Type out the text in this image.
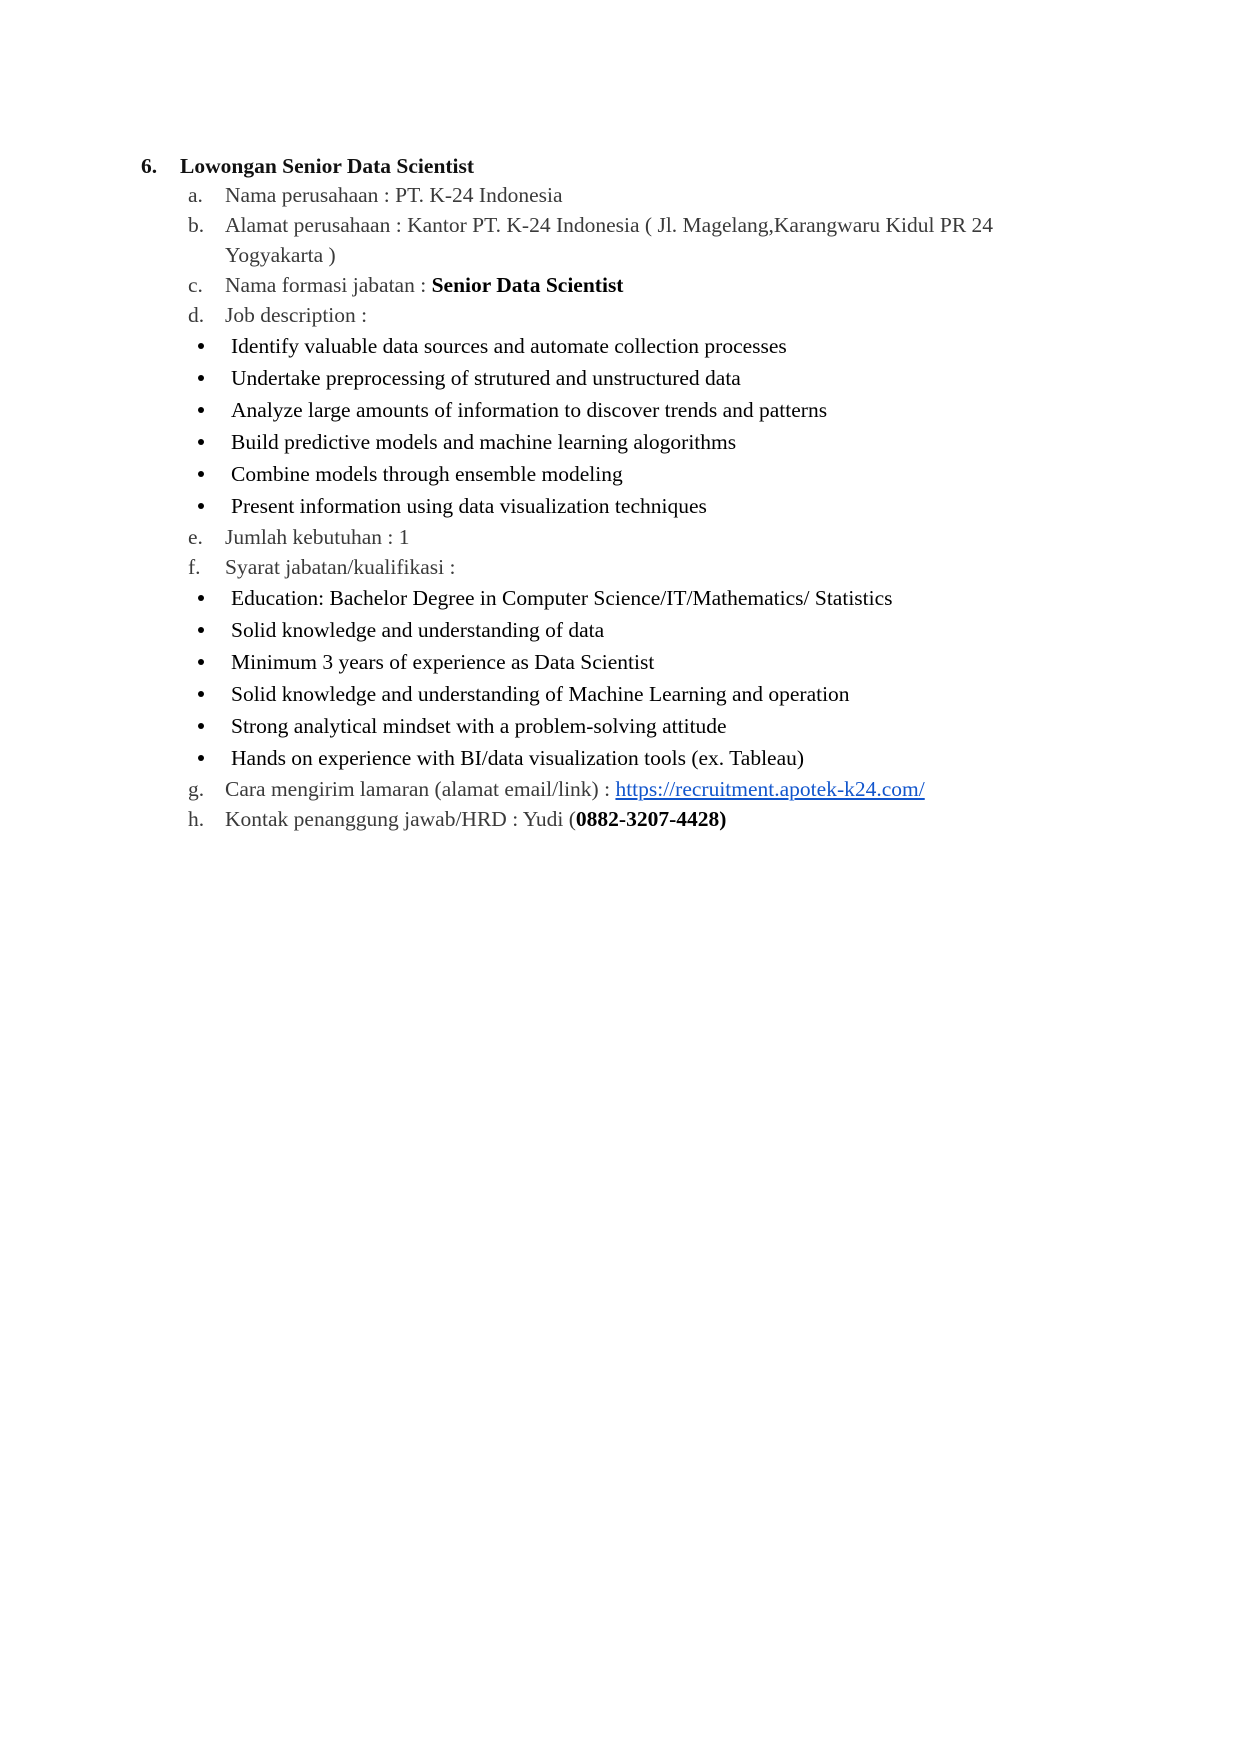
6. Lowongan Senior Data Scientist
a. Nama perusahaan : PT. K-24 Indonesia
b. Alamat perusahaan : Kantor PT. K-24 Indonesia ( Jl. Magelang,Karangwaru Kidul PR 24 Yogyakarta )
c. Nama formasi jabatan : Senior Data Scientist
d. Job description :
Identify valuable data sources and automate collection processes
Undertake preprocessing of strutured and unstructured data
Analyze large amounts of information to discover trends and patterns
Build predictive models and machine learning alogorithms
Combine models through ensemble modeling
Present information using data visualization techniques
e. Jumlah kebutuhan : 1
f. Syarat jabatan/kualifikasi :
Education: Bachelor Degree in Computer Science/IT/Mathematics/ Statistics
Solid knowledge and understanding of data
Minimum 3 years of experience as Data Scientist
Solid knowledge and understanding of Machine Learning and operation
Strong analytical mindset with a problem-solving attitude
Hands on experience with BI/data visualization tools (ex. Tableau)
g. Cara mengirim lamaran (alamat email/link) : https://recruitment.apotek-k24.com/
h. Kontak penanggung jawab/HRD : Yudi (0882-3207-4428)
